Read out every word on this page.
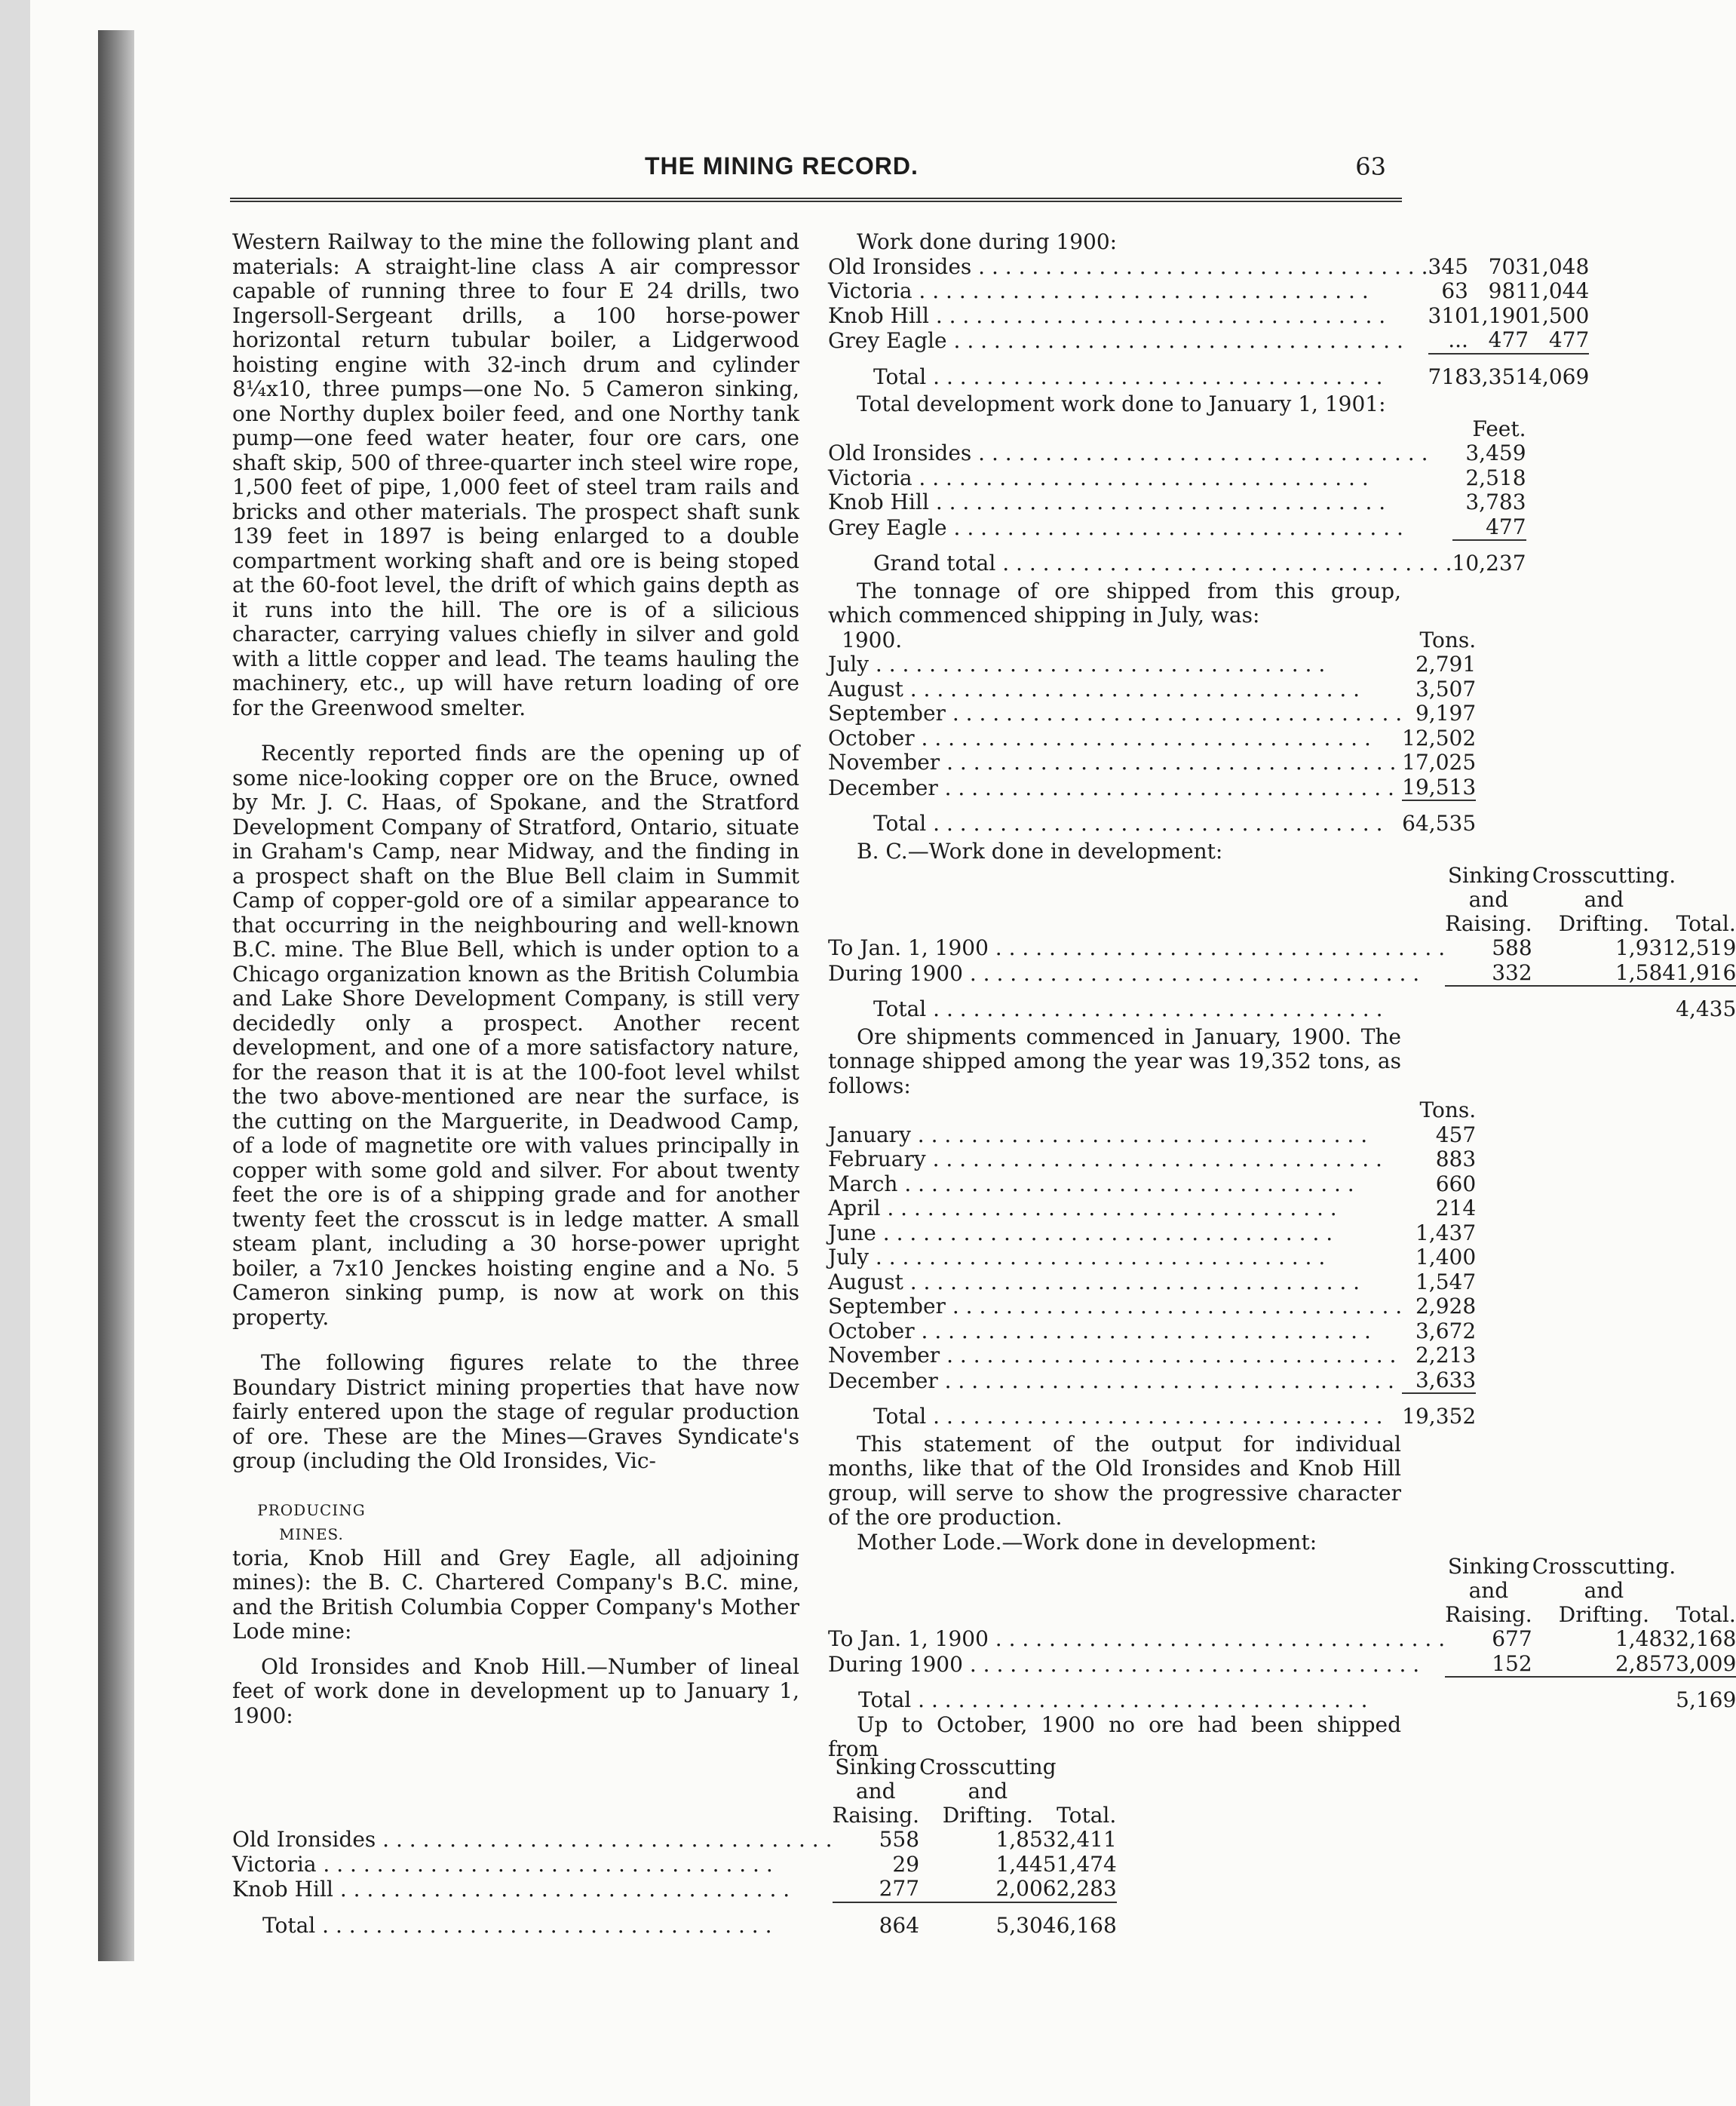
THE MINING RECORD.	63

Western Railway to the mine the following plant and materials: A straight-line class A air compressor capable of running three to four E 24 drills, two Ingersoll-Sergeant drills, a 100 horse-power horizontal return tubular boiler, a Lidgerwood hoisting engine with 32-inch drum and cylinder 8¼x10, three pumps—one No. 5 Cameron sinking, one Northy duplex boiler feed, and one Northy tank pump—one feed water heater, four ore cars, one shaft skip, 500 of three-quarter inch steel wire rope, 1,500 feet of pipe, 1,000 feet of steel tram rails and bricks and other materials. The prospect shaft sunk 139 feet in 1897 is being enlarged to a double compartment working shaft and ore is being stoped at the 60-foot level, the drift of which gains depth as it runs into the hill. The ore is of a silicious character, carrying values chiefly in silver and gold with a little copper and lead. The teams hauling the machinery, etc., up will have return loading of ore for the Greenwood smelter.

Recently reported finds are the opening up of some nice-looking copper ore on the Bruce, owned by Mr. J. C. Haas, of Spokane, and the Stratford Development Company of Stratford, Ontario, situate in Graham's Camp, near Midway, and the finding in a prospect shaft on the Blue Bell claim in Summit Camp of copper-gold ore of a similar appearance to that occurring in the neighbouring and well-known B.C. mine. The Blue Bell, which is under option to a Chicago organization known as the British Columbia and Lake Shore Development Company, is still very decidedly only a prospect. Another recent development, and one of a more satisfactory nature, for the reason that it is at the 100-foot level whilst the two above-mentioned are near the surface, is the cutting on the Marguerite, in Deadwood Camp, of a lode of magnetite ore with values principally in copper with some gold and silver. For about twenty feet the ore is of a shipping grade and for another twenty feet the crosscut is in ledge matter. A small steam plant, including a 30 horse-power upright boiler, a 7x10 Jenckes hoisting engine and a No. 5 Cameron sinking pump, is now at work on this property.

The following figures relate to the three Boundary District mining properties that have now fairly entered upon the stage of regular production of ore. These are the Mines—Graves Syndicate's group (including the Old Ironsides, Vic-

PRODUCING
MINES.

toria, Knob Hill and Grey Eagle, all adjoining mines): the B. C. Chartered Company's B.C. mine, and the British Columbia Copper Company's Mother Lode mine:

Old Ironsides and Knob Hill.—Number of lineal feet of work done in development up to January 1, 1900:

	Sinking	Crosscutting	
	and	and	
	Raising.	Drifting.	Total.
Old Ironsides . . .	558	1,853	2,411
Victoria . . .	29	1,445	1,474
Knob Hill . . .	277	2,006	2,283
Total . . .	864	5,304	6,168

Work done during 1900:

Old Ironsides . . .	345	703	1,048
Victoria . . .	63	981	1,044
Knob Hill . . .	310	1,190	1,500
Grey Eagle . . .	...	477	477
Total . . .	718	3,351	4,069

Total development work done to January 1, 1901:

	Feet.
Old Ironsides . . .	3,459
Victoria . . .	2,518
Knob Hill . . .	3,783
Grey Eagle . . .	477
Grand total . . .	10,237

The tonnage of ore shipped from this group, which commenced shipping in July, was:

1900.	Tons.
July . . .	2,791
August . . .	3,507
September . . .	9,197
October . . .	12,502
November . . .	17,025
December . . .	19,513
Total . . .	64,535

B. C.—Work done in development:

	Sinking	Crosscutting.	
	and	and	
	Raising.	Drifting.	Total.
To Jan. 1, 1900 . . .	588	1,931	2,519
During 1900 . . .	332	1,584	1,916
Total . . .			4,435

Ore shipments commenced in January, 1900. The tonnage shipped among the year was 19,352 tons, as follows:

	Tons.
January . . .	457
February . . .	883
March . . .	660
April . . .	214
June . . .	1,437
July . . .	1,400
August . . .	1,547
September . . .	2,928
October . . .	3,672
November . . .	2,213
December . . .	3,633
Total . . .	19,352

This statement of the output for individual months, like that of the Old Ironsides and Knob Hill group, will serve to show the progressive character of the ore production.

Mother Lode.—Work done in development:

	Sinking	Crosscutting.	
	and	and	
	Raising.	Drifting.	Total.
To Jan. 1, 1900 . . .	677	1,483	2,168
During 1900 . . .	152	2,857	3,009
Total . . .			5,169

Up to October, 1900 no ore had been shipped from
